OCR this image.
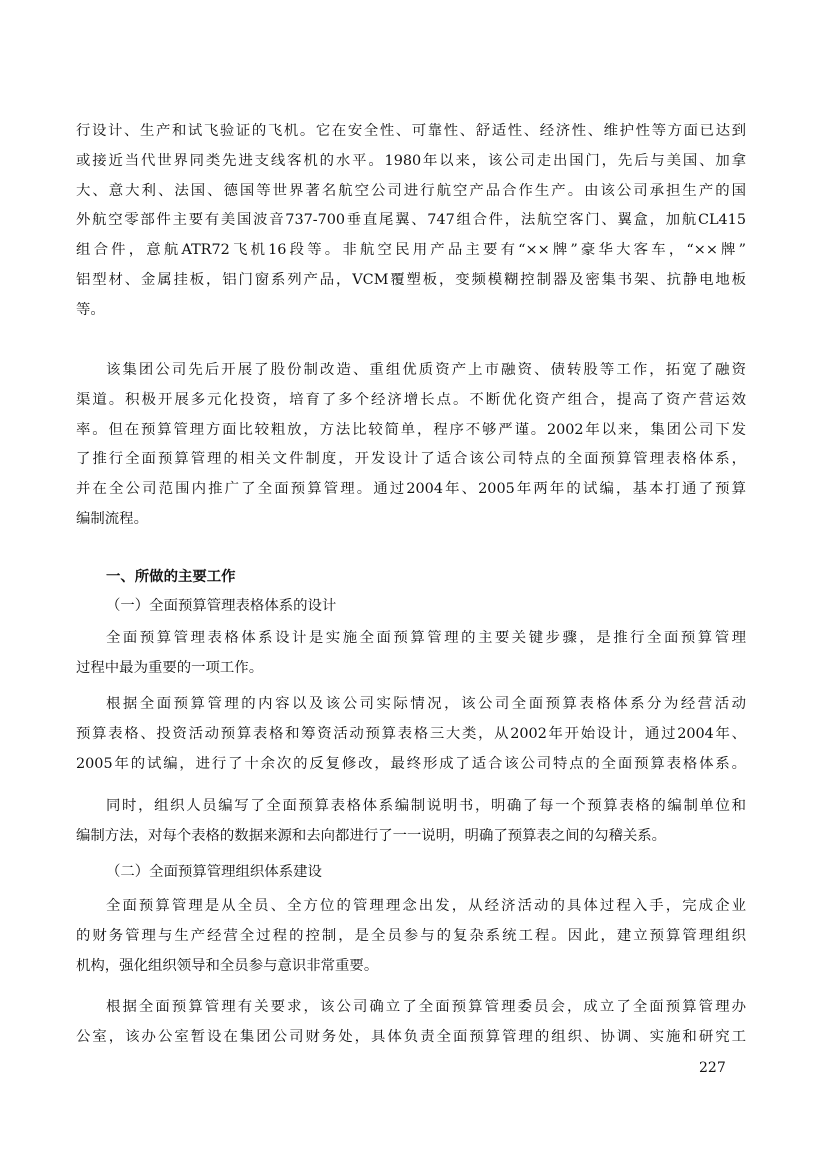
行设计、生产和试飞验证的飞机。它在安全性、可靠性、舒适性、经济性、维护性等方面已达到
或接近当代世界同类先进支线客机的水平。1980年以来，该公司走出国门，先后与美国、加拿
大、意大利、法国、德国等世界著名航空公司进行航空产品合作生产。由该公司承担生产的国
外航空零部件主要有美国波音737-700垂直尾翼、747组合件，法航空客门、翼盒，加航CL415
组合件，意航ATR72飞机16段等。非航空民用产品主要有“××牌”豪华大客车，“××牌”
铝型材、金属挂板，铝门窗系列产品，VCM覆塑板，变频模糊控制器及密集书架、抗静电地板
等。
该集团公司先后开展了股份制改造、重组优质资产上市融资、债转股等工作，拓宽了融资
渠道。积极开展多元化投资，培育了多个经济增长点。不断优化资产组合，提高了资产营运效
率。但在预算管理方面比较粗放，方法比较简单，程序不够严谨。2002年以来，集团公司下发
了推行全面预算管理的相关文件制度，开发设计了适合该公司特点的全面预算管理表格体系，
并在全公司范围内推广了全面预算管理。通过2004年、2005年两年的试编，基本打通了预算
编制流程。

一、所做的主要工作

（一）全面预算管理表格体系的设计

全面预算管理表格体系设计是实施全面预算管理的主要关键步骤，是推行全面预算管理
过程中最为重要的一项工作。
根据全面预算管理的内容以及该公司实际情况，该公司全面预算表格体系分为经营活动
预算表格、投资活动预算表格和筹资活动预算表格三大类，从2002年开始设计，通过2004年、
2005年的试编，进行了十余次的反复修改，最终形成了适合该公司特点的全面预算表格体系。
同时，组织人员编写了全面预算表格体系编制说明书，明确了每一个预算表格的编制单位和
编制方法，对每个表格的数据来源和去向都进行了一一说明，明确了预算表之间的勾稽关系。

（二）全面预算管理组织体系建设

全面预算管理是从全员、全方位的管理理念出发，从经济活动的具体过程入手，完成企业
的财务管理与生产经营全过程的控制，是全员参与的复杂系统工程。因此，建立预算管理组织
机构，强化组织领导和全员参与意识非常重要。
根据全面预算管理有关要求，该公司确立了全面预算管理委员会，成立了全面预算管理办
公室，该办公室暂设在集团公司财务处，具体负责全面预算管理的组织、协调、实施和研究工
227
